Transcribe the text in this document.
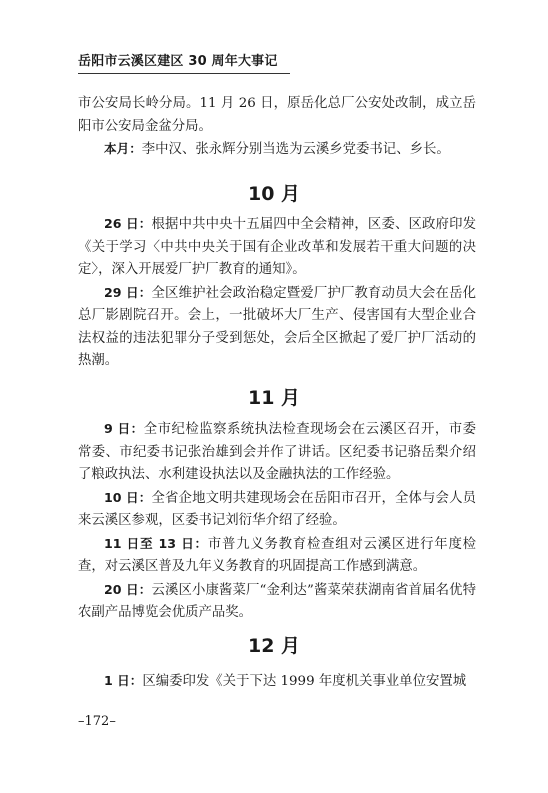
岳阳市云溪区建区 30 周年大事记

市公安局长岭分局。11 月 26 日，原岳化总厂公安处改制，成立岳阳市公安局金盆分局。

本月：李中汉、张永辉分别当选为云溪乡党委书记、乡长。

10 月

26 日：根据中共中央十五届四中全会精神，区委、区政府印发《关于学习〈中共中央关于国有企业改革和发展若干重大问题的决定〉，深入开展爱厂护厂教育的通知》。

29 日：全区维护社会政治稳定暨爱厂护厂教育动员大会在岳化总厂影剧院召开。会上，一批破坏大厂生产、侵害国有大型企业合法权益的违法犯罪分子受到惩处，会后全区掀起了爱厂护厂活动的热潮。

11 月

9 日：全市纪检监察系统执法检查现场会在云溪区召开，市委常委、市纪委书记张治雄到会并作了讲话。区纪委书记骆岳梨介绍了粮政执法、水利建设执法以及金融执法的工作经验。

10 日：全省企地文明共建现场会在岳阳市召开，全体与会人员来云溪区参观，区委书记刘衍华介绍了经验。

11 日至 13 日：市普九义务教育检查组对云溪区进行年度检查，对云溪区普及九年义务教育的巩固提高工作感到满意。

20 日：云溪区小康酱菜厂“金利达”酱菜荣获湖南省首届名优特农副产品博览会优质产品奖。

12 月

1 日：区编委印发《关于下达 1999 年度机关事业单位安置城

–172–
